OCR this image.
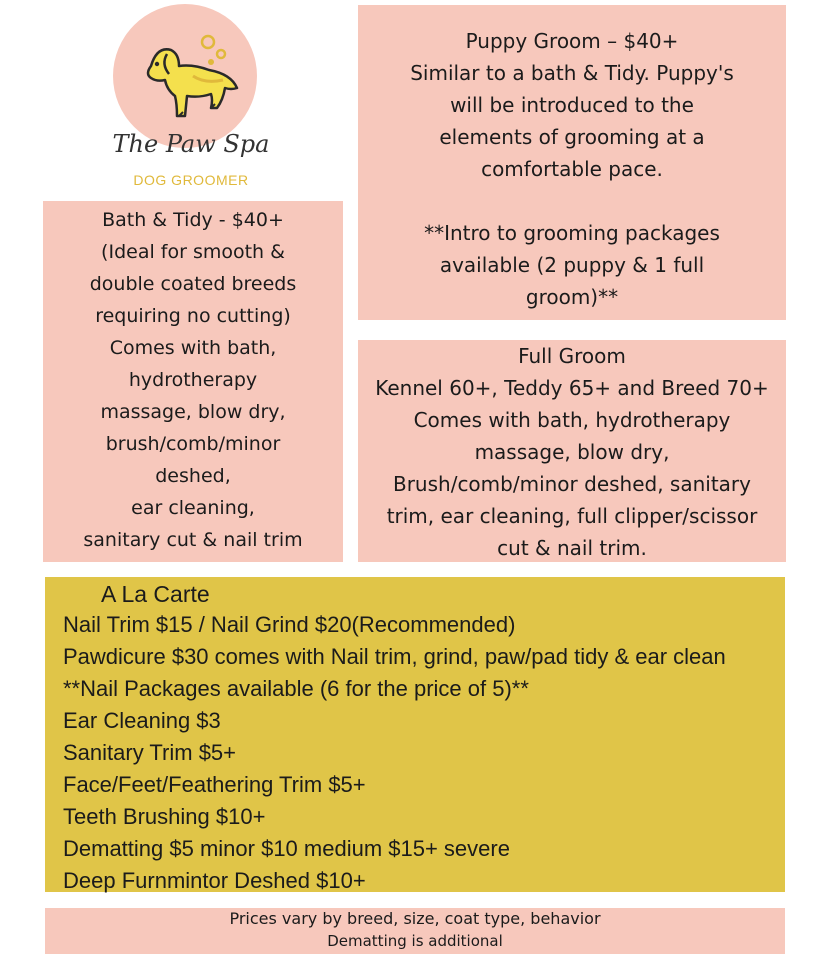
The Paw Spa
DOG GROOMER
Puppy Groom – $40+
Similar to a bath & Tidy. Puppy's
will be introduced to the
elements of grooming at a
comfortable pace.
**Intro to grooming packages
available (2 puppy & 1 full
groom)**
Bath & Tidy - $40+
(Ideal for smooth &
double coated breeds
requiring no cutting)
Comes with bath,
hydrotherapy
massage, blow dry,
brush/comb/minor
deshed,
ear cleaning,
sanitary cut & nail trim
Full Groom
Kennel 60+, Teddy 65+ and Breed 70+
Comes with bath, hydrotherapy
massage, blow dry,
Brush/comb/minor deshed, sanitary
trim, ear cleaning, full clipper/scissor
cut & nail trim.
A La Carte
Nail Trim $15 / Nail Grind $20(Recommended)
Pawdicure $30 comes with Nail trim, grind, paw/pad tidy & ear clean
**Nail Packages available (6 for the price of 5)**
Ear Cleaning $3
Sanitary Trim $5+
Face/Feet/Feathering Trim $5+
Teeth Brushing $10+
Dematting $5 minor $10 medium $15+ severe
Deep Furnmintor Deshed $10+
Prices vary by breed, size, coat type, behavior
Dematting is additional
